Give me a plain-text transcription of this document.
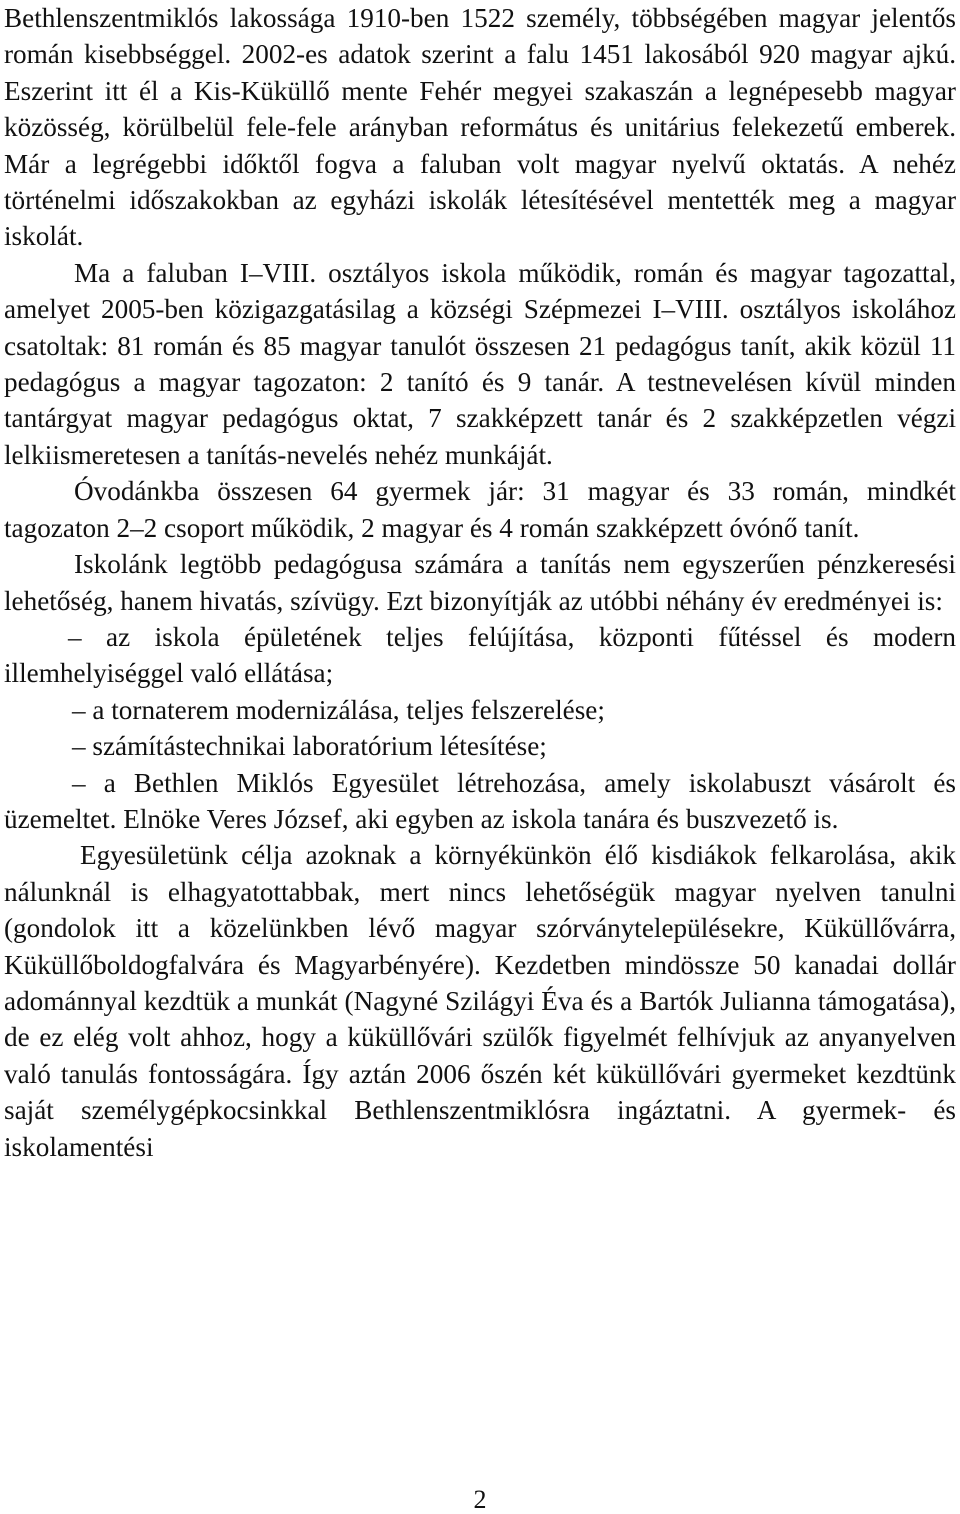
Bethlenszentmiklós lakossága 1910-ben 1522 személy, többségében magyar jelentős román kisebbséggel. 2002-es adatok szerint a falu 1451 lakosából 920 magyar ajkú. Eszerint itt él a Kis-Küküllő mente Fehér megyei szakaszán a legnépesebb magyar közösség, körülbelül fele-fele arányban református és unitárius felekezetű emberek. Már a legrégebbi időktől fogva a faluban volt magyar nyelvű oktatás. A nehéz történelmi időszakokban az egyházi iskolák létesítésével mentették meg a magyar iskolát.

Ma a faluban I–VIII. osztályos iskola működik, román és magyar tagozattal, amelyet 2005-ben közigazgatásilag a községi Szépmezei I–VIII. osztályos iskolához csatoltak: 81 román és 85 magyar tanulót összesen 21 pedagógus tanít, akik közül 11 pedagógus a magyar tagozaton: 2 tanító és 9 tanár. A testnevelésen kívül minden tantárgyat magyar pedagógus oktat, 7 szakképzett tanár és 2 szakképzetlen végzi lelkiismeretesen a tanítás-nevelés nehéz munkáját.

Óvodánkba összesen 64 gyermek jár: 31 magyar és 33 román, mindkét tagozaton 2–2 csoport működik, 2 magyar és 4 román szakképzett óvónő tanít.

Iskolánk legtöbb pedagógusa számára a tanítás nem egyszerűen pénzkeresési lehetőség, hanem hivatás, szívügy. Ezt bizonyítják az utóbbi néhány év eredményei is:

– az iskola épületének teljes felújítása, központi fűtéssel és modern illemhelyiséggel való ellátása;

– a tornaterem modernizálása, teljes felszerelése;

– számítástechnikai laboratórium létesítése;

– a Bethlen Miklós Egyesület létrehozása, amely iskolabuszt vásárolt és üzemeltet. Elnöke Veres József, aki egyben az iskola tanára és buszvezető is.

Egyesületünk célja azoknak a környékünkön élő kisdiákok felkarolása, akik nálunknál is elhagyatottabbak, mert nincs lehetőségük magyar nyelven tanulni (gondolok itt a közelünkben lévő magyar szórványtelepülésekre, Küküllővárra, Küküllőboldogfalvára és Magyarbényére). Kezdetben mindössze 50 kanadai dollár adománnyal kezdtük a munkát (Nagyné Szilágyi Éva és a Bartók Julianna támogatása), de ez elég volt ahhoz, hogy a küküllővári szülők figyelmét felhívjuk az anyanyelven való tanulás fontosságára. Így aztán 2006 őszén két küküllővári gyermeket kezdtünk saját személygépkocsinkkal Bethlenszentmiklósra ingáztatni. A gyermek- és iskolamentési

2
